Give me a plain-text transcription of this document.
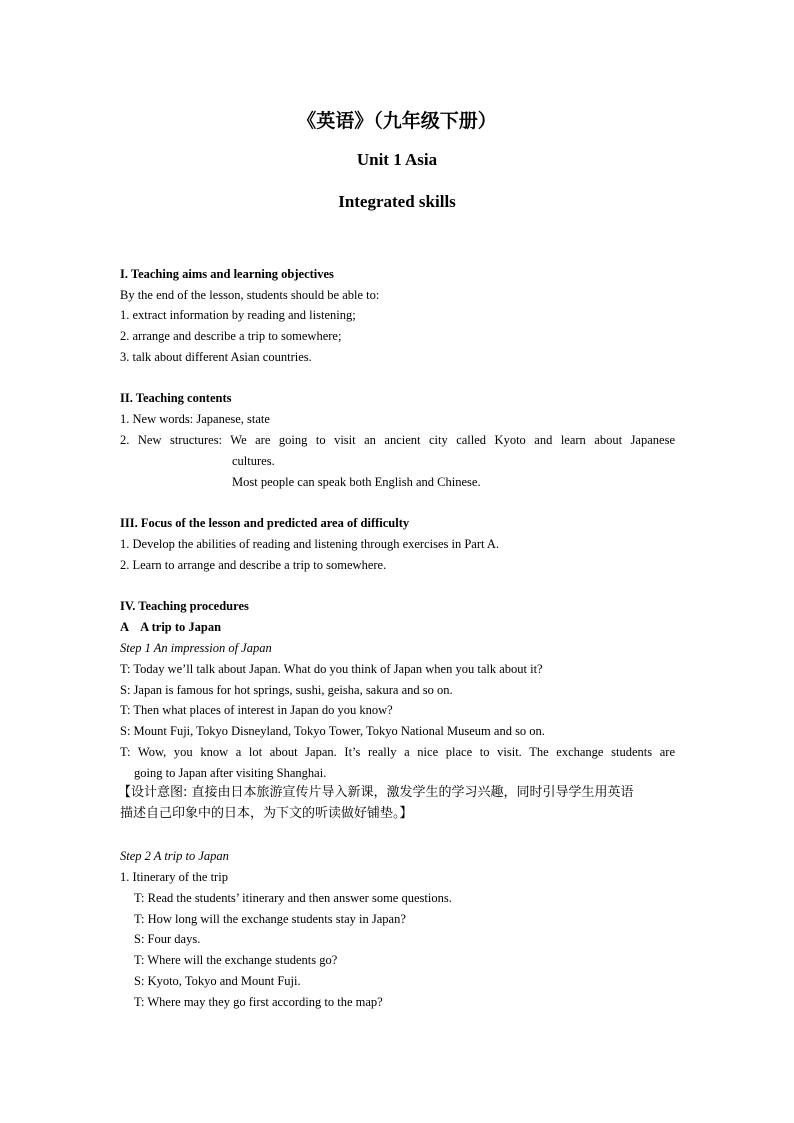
《英语》（九年级下册）
Unit 1 Asia
Integrated skills
I. Teaching aims and learning objectives
By the end of the lesson, students should be able to:
1. extract information by reading and listening;
2. arrange and describe a trip to somewhere;
3. talk about different Asian countries.
II. Teaching contents
1. New words: Japanese, state
2. New structures: We are going to visit an ancient city called Kyoto and learn about Japanese
cultures.
Most people can speak both English and Chinese.
III. Focus of the lesson and predicted area of difficulty
1. Develop the abilities of reading and listening through exercises in Part A.
2. Learn to arrange and describe a trip to somewhere.
IV. Teaching procedures
A    A trip to Japan
Step 1 An impression of Japan
T: Today we’ll talk about Japan. What do you think of Japan when you talk about it?
S: Japan is famous for hot springs, sushi, geisha, sakura and so on.
T: Then what places of interest in Japan do you know?
S: Mount Fuji, Tokyo Disneyland, Tokyo Tower, Tokyo National Museum and so on.
T: Wow, you know a lot about Japan. It’s really a nice place to visit. The exchange students are
going to Japan after visiting Shanghai.
【设计意图: 直接由日本旅游宣传片导入新课，激发学生的学习兴趣，同时引导学生用英语
描述自己印象中的日本，为下文的听读做好铺垫。】
Step 2 A trip to Japan
1. Itinerary of the trip
T: Read the students’ itinerary and then answer some questions.
T: How long will the exchange students stay in Japan?
S: Four days.
T: Where will the exchange students go?
S: Kyoto, Tokyo and Mount Fuji.
T: Where may they go first according to the map?
